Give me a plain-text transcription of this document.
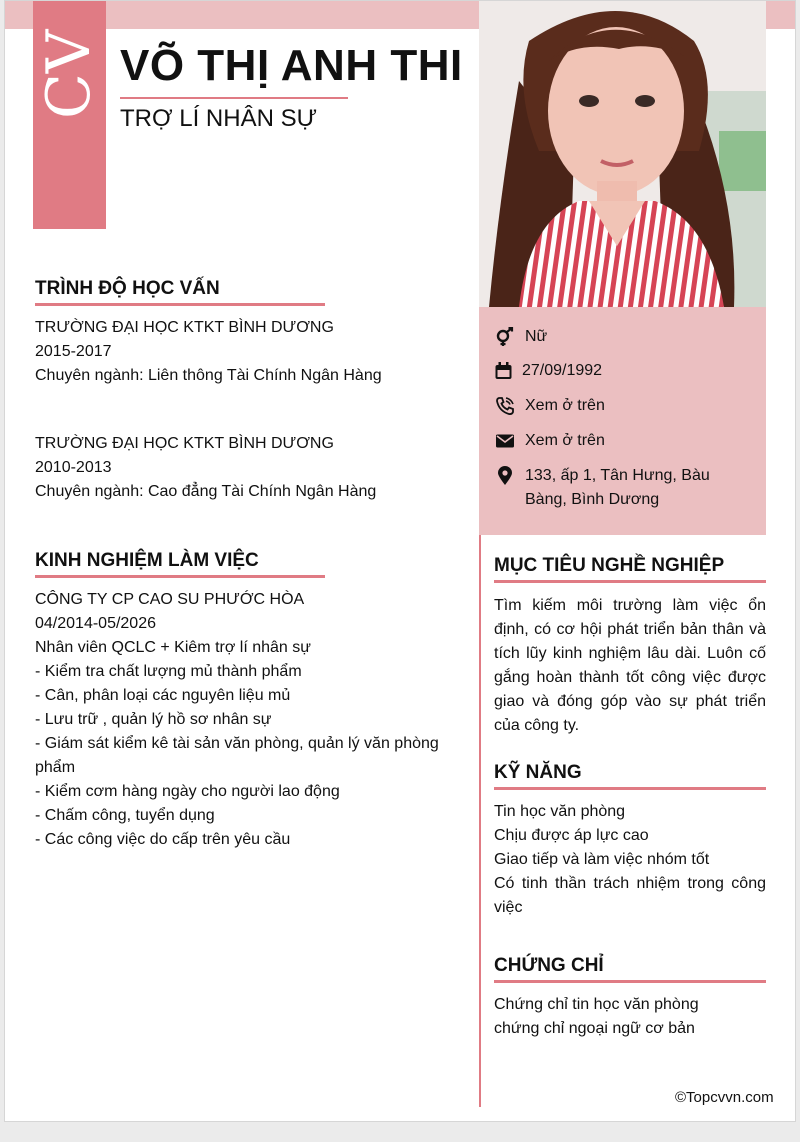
CV VÕ THỊ ANH THI
TRỢ LÍ NHÂN SỰ
Nữ
27/09/1992
Xem ở trên
Xem ở trên
133, ấp 1, Tân Hưng, Bàu Bàng, Bình Dương
TRÌNH ĐỘ HỌC VẤN
TRƯỜNG ĐẠI HỌC KTKT BÌNH DƯƠNG
2015-2017
Chuyên ngành: Liên thông Tài Chính Ngân Hàng
TRƯỜNG ĐẠI HỌC KTKT BÌNH DƯƠNG
2010-2013
Chuyên ngành: Cao đẳng Tài Chính Ngân Hàng
KINH NGHIỆM LÀM VIỆC
CÔNG TY CP CAO SU PHƯỚC HÒA
04/2014-05/2026
Nhân viên QCLC + Kiêm trợ lí nhân sự
- Kiểm tra chất lượng mủ thành phẩm
- Cân, phân loại các nguyên liệu mủ
- Lưu trữ , quản lý hồ sơ nhân sự
- Giám sát kiểm kê tài sản văn phòng, quản lý văn phòng
phẩm
- Kiểm cơm hàng ngày cho người lao động
- Chấm công, tuyển dụng
- Các công việc do cấp trên yêu cầu
MỤC TIÊU NGHỀ NGHIỆP

Tìm kiếm môi trường làm việc ổn định, có cơ hội phát triển bản thân và tích lũy kinh nghiệm lâu dài. Luôn cố gắng hoàn thành tốt công việc được giao và đóng góp vào sự phát triển của công ty.

KỸ NĂNG
Tin học văn phòng
Chịu được áp lực cao
Giao tiếp và làm việc nhóm tốt

Có tinh thần trách nhiệm trong công việc

CHỨNG CHỈ
Chứng chỉ tin học văn phòng
chứng chỉ ngoại ngữ cơ bản
©Topcvvn.com
